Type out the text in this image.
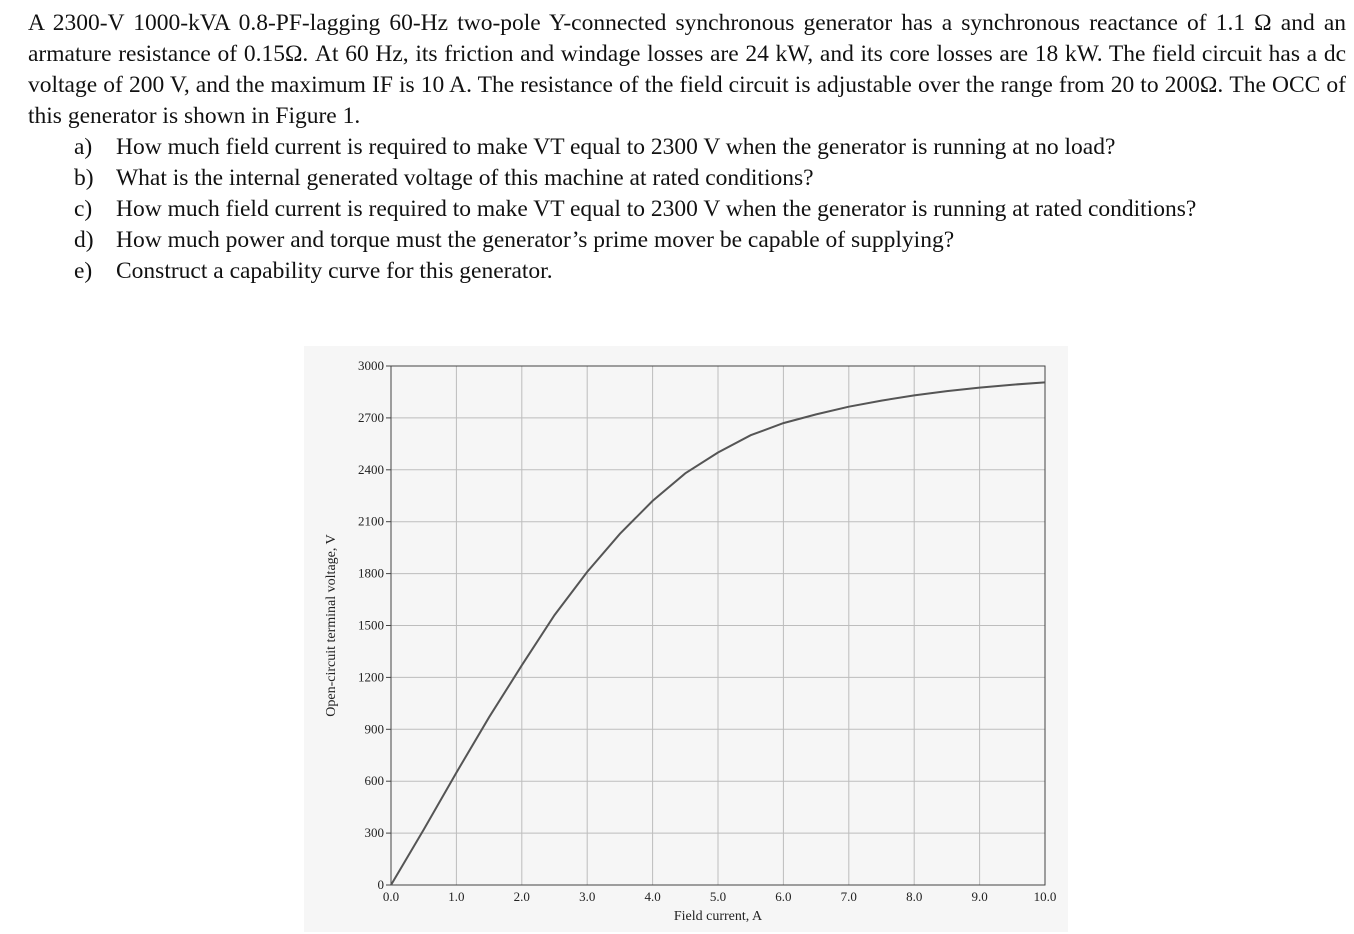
A 2300-V 1000-kVA 0.8-PF-lagging 60-Hz two-pole Y-connected synchronous generator has a synchronous reactance of 1.1 Ω and an armature resistance of 0.15Ω. At 60 Hz, its friction and windage losses are 24 kW, and its core losses are 18 kW. The field circuit has a dc voltage of 200 V, and the maximum IF is 10 A. The resistance of the field circuit is adjustable over the range from 20 to 200Ω. The OCC of this generator is shown in Figure 1.

a)	How much field current is required to make VT equal to 2300 V when the generator is running at no load?
b) What is the internal generated voltage of this machine at rated conditions?
c)	How much field current is required to make VT equal to 2300 V when the generator is running at rated conditions?
d) How much power and torque must the generator’s prime mover be capable of supplying?
e)	Construct a capability curve for this generator.
0.0	1.0	2.0	3.0	4.0	5.0	6.0	7.0	8.0	9.0	10.0
0
300
600
900
1200
1500
1800
2100
2400
2700
3000
Field current, A
Open-circuit terminal voltage, V
